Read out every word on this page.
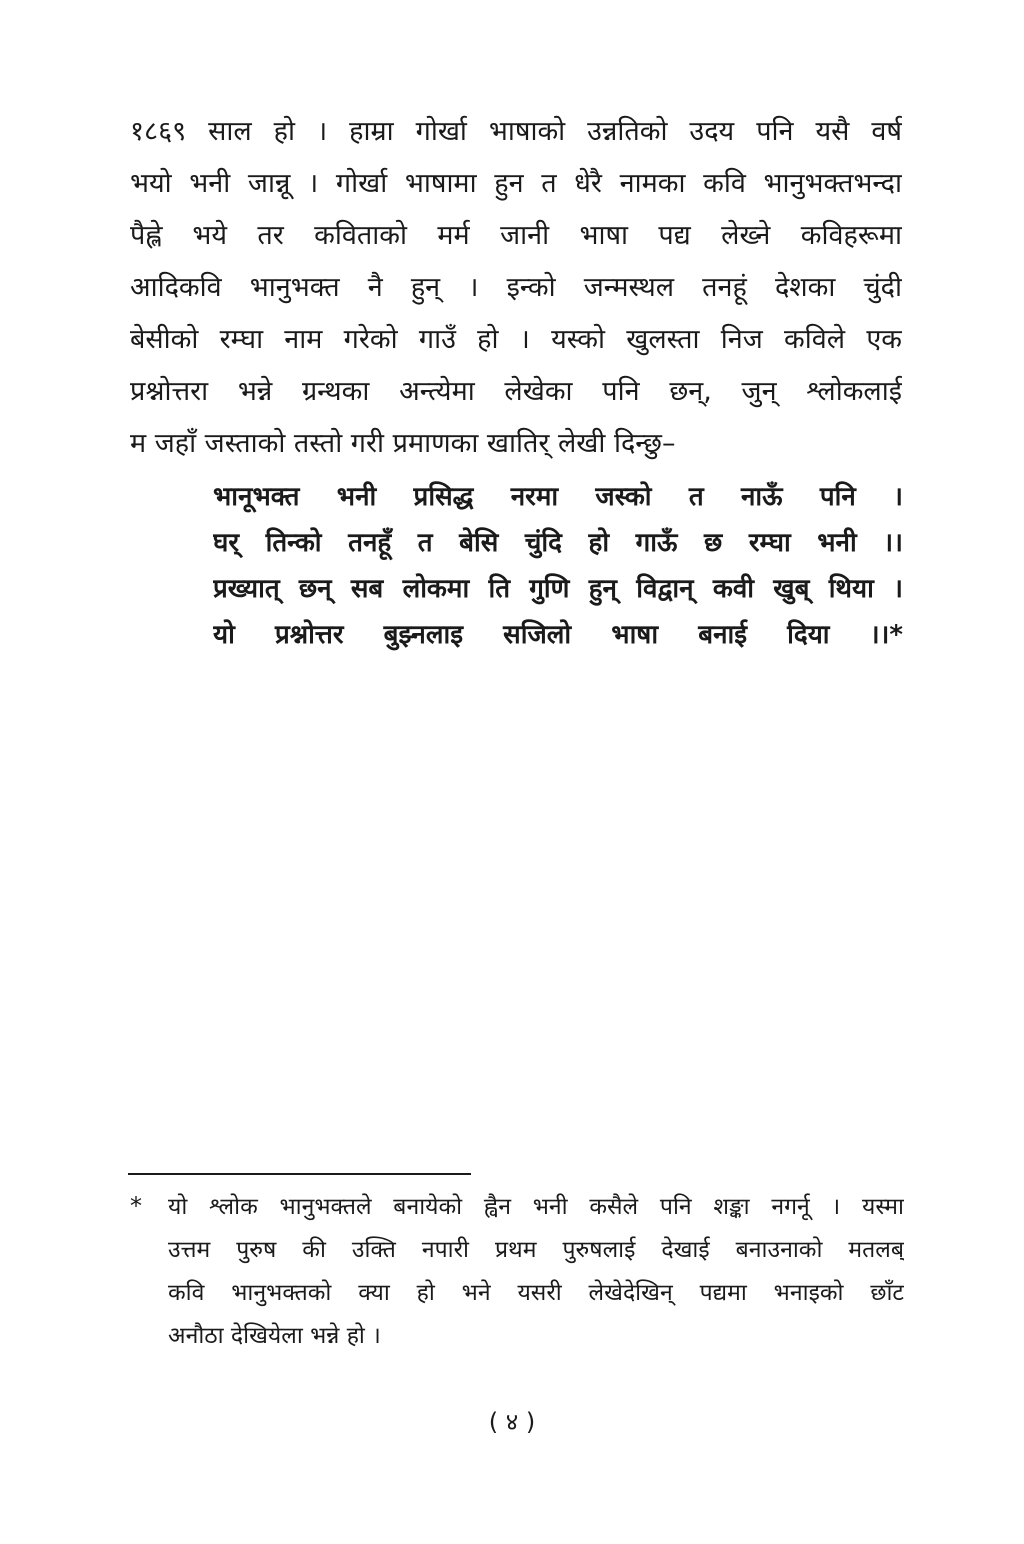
१८६९ साल हो । हाम्रा गोर्खा भाषाको उन्नतिको उदय पनि यसै वर्ष
भयो भनी जान्नू । गोर्खा भाषामा हुन त धेरै नामका कवि भानुभक्तभन्दा
पैह्ले भये तर कविताको मर्म जानी भाषा पद्य लेख्ने कविहरूमा
आदिकवि भानुभक्त नै हुन् । इन्को जन्मस्थल तनहूं देशका चुंदी
बेसीको रम्घा नाम गरेको गाउँ हो । यस्को खुलस्ता निज कविले एक
प्रश्नोत्तरा भन्ने ग्रन्थका अन्त्येमा लेखेका पनि छन्, जुन् श्लोकलाई
म जहाँ जस्ताको तस्तो गरी प्रमाणका खातिर् लेखी दिन्छु–
भानूभक्त भनी प्रसिद्ध नरमा जस्को त नाऊँ पनि ।
घर् तिन्को तनहूँ त बेसि चुंदि हो गाऊँ छ रम्घा भनी ।।
प्रख्यात् छन् सब लोकमा ति गुणि हुन् विद्वान् कवी खुब् थिया ।
यो प्रश्नोत्तर बुझ्नलाइ सजिलो भाषा बनाई दिया ।।*
* यो श्लोक भानुभक्तले बनायेको ह्वैन भनी कसैले पनि शङ्का नगर्नू । यस्मा
उत्तम पुरुष की उक्ति नपारी प्रथम पुरुषलाई देखाई बनाउनाको मतलब्
कवि भानुभक्तको क्या हो भने यसरी लेखेदेखिन् पद्यमा भनाइको छाँट
अनौठा देखियेला भन्ने हो ।
( ४ )
